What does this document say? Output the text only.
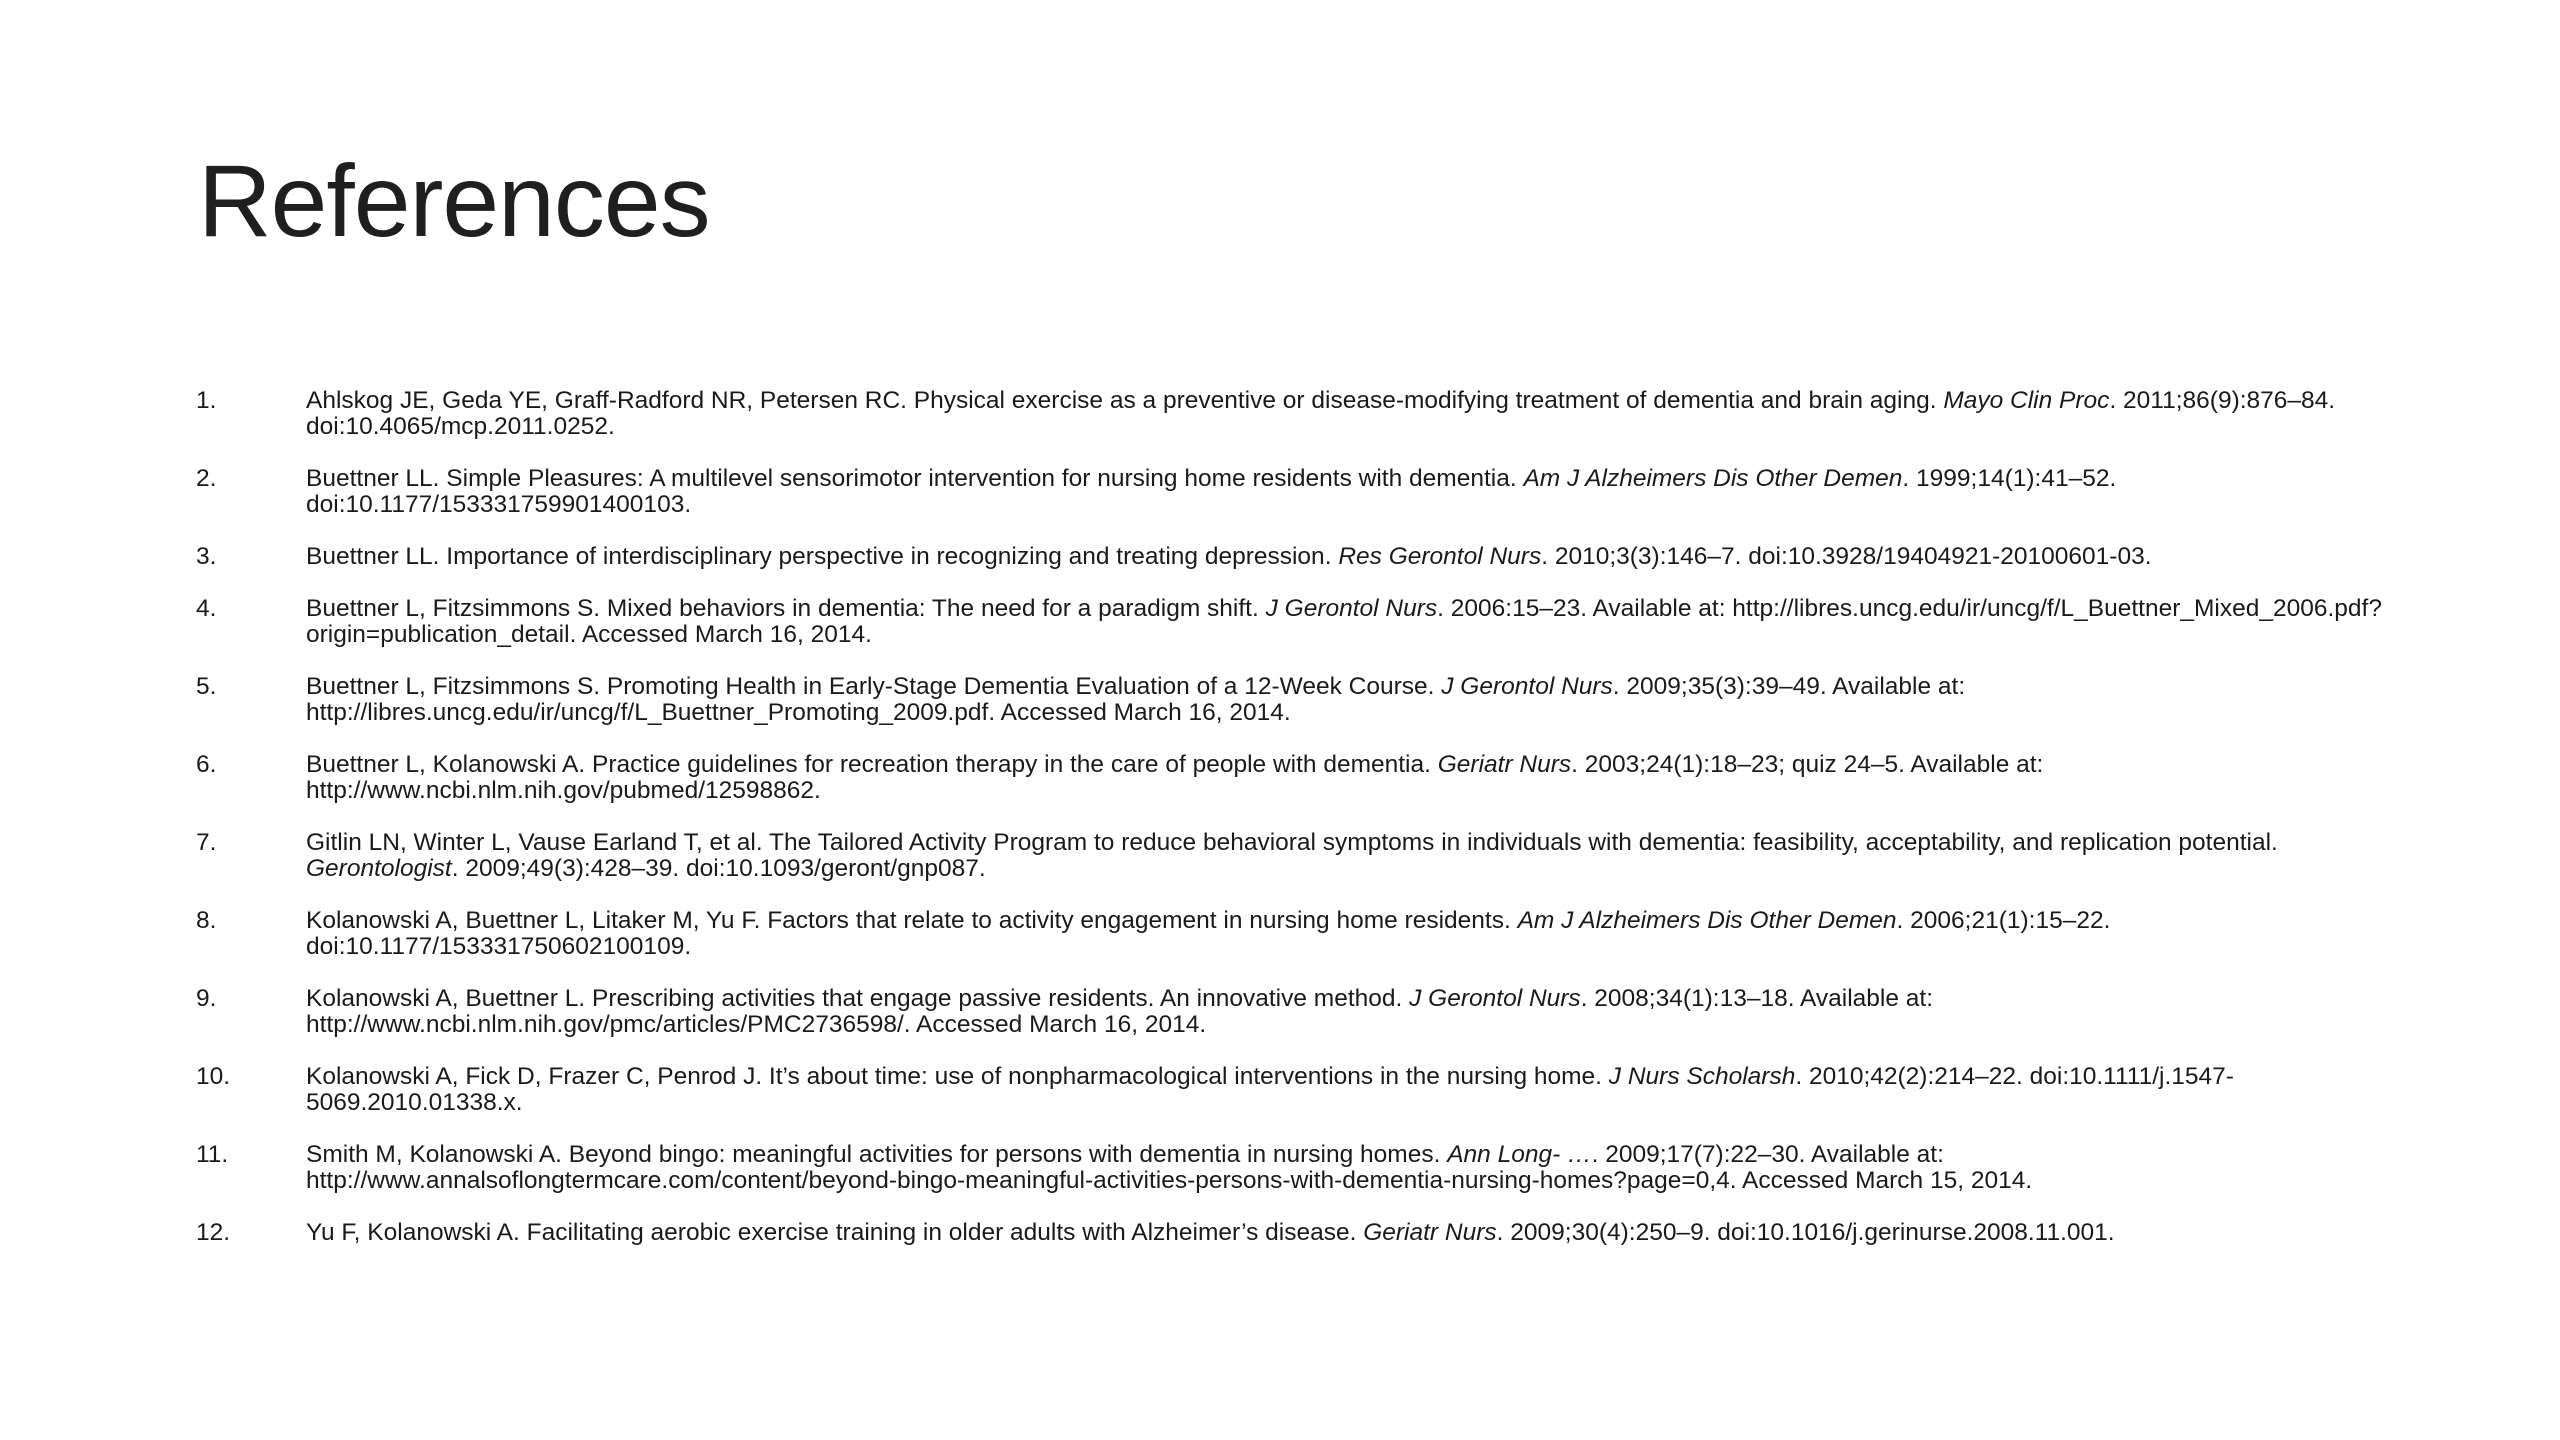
References
1.	Ahlskog JE, Geda YE, Graff-Radford NR, Petersen RC. Physical exercise as a preventive or disease-modifying treatment of dementia and brain aging. Mayo Clin Proc. 2011;86(9):876–84. doi:10.4065/mcp.2011.0252.
2.	Buettner LL. Simple Pleasures: A multilevel sensorimotor intervention for nursing home residents with dementia. Am J Alzheimers Dis Other Demen. 1999;14(1):41–52. doi:10.1177/153331759901400103.
3.	Buettner LL. Importance of interdisciplinary perspective in recognizing and treating depression. Res Gerontol Nurs. 2010;3(3):146–7. doi:10.3928/19404921-20100601-03.
4.	Buettner L, Fitzsimmons S. Mixed behaviors in dementia: The need for a paradigm shift. J Gerontol Nurs. 2006:15–23. Available at: http://libres.uncg.edu/ir/uncg/f/L_Buettner_Mixed_2006.pdf?origin=publication_detail. Accessed March 16, 2014.
5.	Buettner L, Fitzsimmons S. Promoting Health in Early-Stage Dementia Evaluation of a 12-Week Course. J Gerontol Nurs. 2009;35(3):39–49. Available at: http://libres.uncg.edu/ir/uncg/f/L_Buettner_Promoting_2009.pdf. Accessed March 16, 2014.
6.	Buettner L, Kolanowski A. Practice guidelines for recreation therapy in the care of people with dementia. Geriatr Nurs. 2003;24(1):18–23; quiz 24–5. Available at: http://www.ncbi.nlm.nih.gov/pubmed/12598862.
7.	Gitlin LN, Winter L, Vause Earland T, et al. The Tailored Activity Program to reduce behavioral symptoms in individuals with dementia: feasibility, acceptability, and replication potential. Gerontologist. 2009;49(3):428–39. doi:10.1093/geront/gnp087.
8.	Kolanowski A, Buettner L, Litaker M, Yu F. Factors that relate to activity engagement in nursing home residents. Am J Alzheimers Dis Other Demen. 2006;21(1):15–22. doi:10.1177/153331750602100109.
9.	Kolanowski A, Buettner L. Prescribing activities that engage passive residents. An innovative method. J Gerontol Nurs. 2008;34(1):13–18. Available at: http://www.ncbi.nlm.nih.gov/pmc/articles/PMC2736598/. Accessed March 16, 2014.
10.	Kolanowski A, Fick D, Frazer C, Penrod J. It’s about time: use of nonpharmacological interventions in the nursing home. J Nurs Scholarsh. 2010;42(2):214–22. doi:10.1111/j.1547-5069.2010.01338.x.
11.	Smith M, Kolanowski A. Beyond bingo: meaningful activities for persons with dementia in nursing homes. Ann Long- …. 2009;17(7):22–30. Available at: http://www.annalsoflongtermcare.com/content/beyond-bingo-meaningful-activities-persons-with-dementia-nursing-homes?page=0,4. Accessed March 15, 2014.
12.	Yu F, Kolanowski A. Facilitating aerobic exercise training in older adults with Alzheimer’s disease. Geriatr Nurs. 2009;30(4):250–9. doi:10.1016/j.gerinurse.2008.11.001.
